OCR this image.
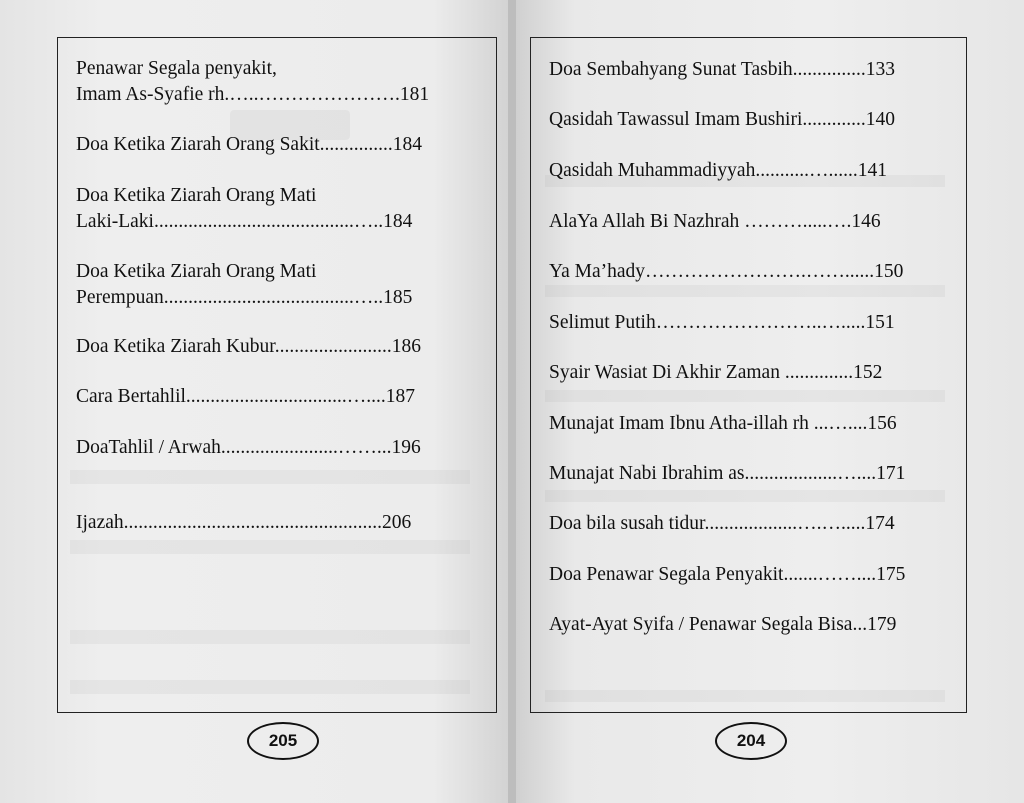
Penawar Segala penyakit,
Imam As-Syafie rh.…..………………….181
Doa Ketika Ziarah Orang Sakit...............184
Doa Ketika Ziarah Orang Mati
Laki-Laki.........................................…..184
Doa Ketika Ziarah Orang Mati
Perempuan.......................................…..185
Doa Ketika Ziarah Kubur........................186
Cara Bertahlil.................................…....187
DoaTahlil / Arwah........................……...196
Ijazah.....................................................206
Doa Sembahyang Sunat Tasbih...............133
Qasidah Tawassul Imam Bushiri.............140
Qasidah Muhammadiyyah...........…......141
AlaYa Allah Bi Nazhrah ……….....….146
Ya Ma’hady…………………….……......150
Selimut Putih……………………..….....151
Syair Wasiat Di Akhir Zaman ..............152
Munajat Imam Ibnu Atha-illah rh ...…....156
Munajat Nabi Ibrahim as...................…....171
Doa bila susah tidur...................….….....174
Doa Penawar Segala Penyakit.......……....175
Ayat-Ayat Syifa / Penawar Segala Bisa...179
205	204
